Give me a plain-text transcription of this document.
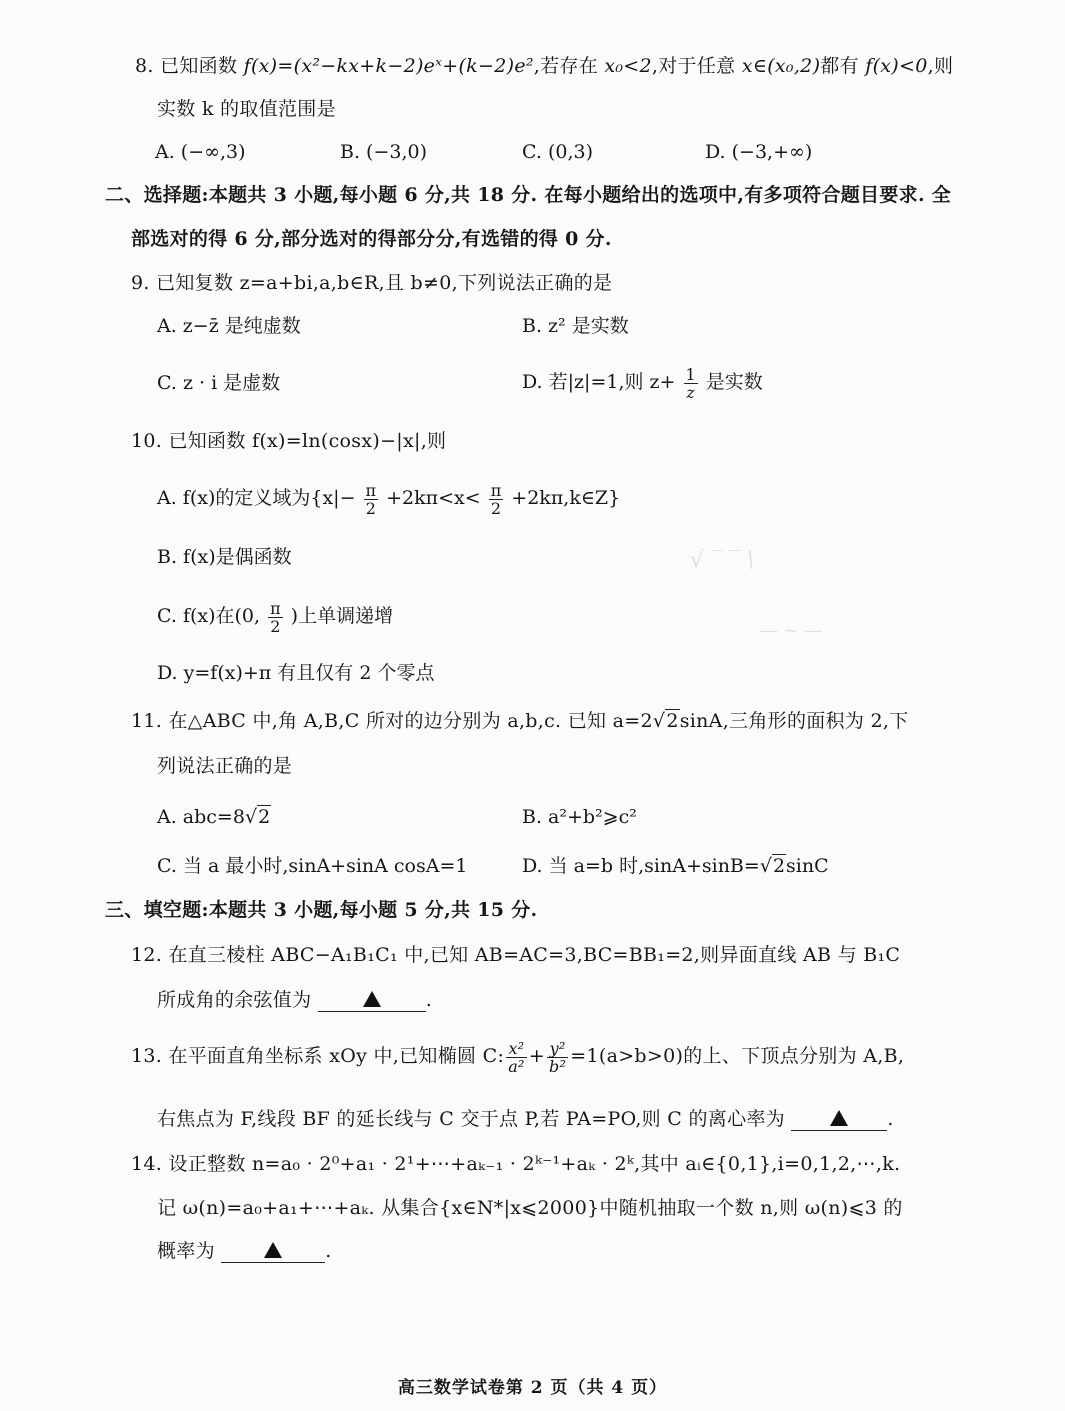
√ ‾ ‾ \
— ~ —
8. 已知函数 f(x)=(x²−kx+k−2)eˣ+(k−2)e²,若存在 x₀<2,对于任意 x∈(x₀,2)都有 f(x)<0,则
实数 k 的取值范围是
A. (−∞,3)	B. (−3,0)	C. (0,3)	D. (−3,+∞)
二、选择题:本题共 3 小题,每小题 6 分,共 18 分. 在每小题给出的选项中,有多项符合题目要求. 全
部选对的得 6 分,部分选对的得部分分,有选错的得 0 分.
9. 已知复数 z=a+bi,a,b∈R,且 b≠0,下列说法正确的是
A. z−z̄ 是纯虚数	B. z² 是实数
C. z · i 是虚数	D. 若|z|=1,则 $z+ \frac{1}{z}$ 是实数
10. 已知函数 f(x)=ln(cosx)−|x|,则
A. f(x)的定义域为{$x|- \frac{\pi}{2} +2k\pi<x< \frac{\pi}{2}$ +2kπ,k∈Z}
B. f(x)是偶函数
C. f(x)在(0, $\frac{\pi}{2}$ )上单调递增
D. y=f(x)+π 有且仅有 2 个零点
11. 在△ABC 中,角 A,B,C 所对的边分别为 a,b,c. 已知 a=2√2sinA,三角形的面积为 2,下
列说法正确的是
A. abc=8√2	B. a²+b²⩾c²
C. 当 a 最小时,sinA+sinA cosA=1	D. 当 a=b 时,sinA+sinB=√2sinC
三、填空题:本题共 3 小题,每小题 5 分,共 15 分.
12. 在直三棱柱 ABC−A₁B₁C₁ 中,已知 AB=AC=3,BC=BB₁=2,则异面直线 AB 与 B₁C
所成角的余弦值为	.
13. 在平面直角坐标系 xOy 中,已知椭圆 C: $\frac{\text{x²}}{\text{a²}} + \frac{\text{y²}}{\text{b²}} =1(a>b>0)$的上、下顶点分别为 A,B,
右焦点为 F,线段 BF 的延长线与 C 交于点 P,若 PA=PO,则 C 的离心率为	.
14. 设正整数 n=a₀ · 2⁰+a₁ · 2¹+⋯+aₖ₋₁ · 2ᵏ⁻¹+aₖ · 2ᵏ,其中 aᵢ∈{0,1},i=0,1,2,⋯,k.
记 ω(n)=a₀+a₁+⋯+aₖ. 从集合{x∈N*|x⩽2000}中随机抽取一个数 n,则 ω(n)⩽3 的
概率为	.
高三数学试卷第 2 页（共 4 页）
